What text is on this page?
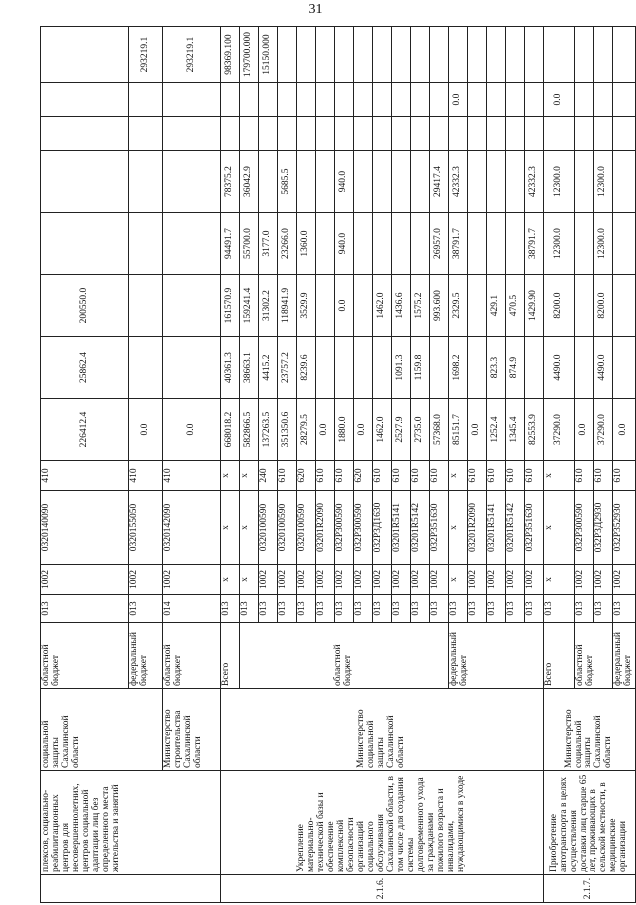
31
	плексов, социально-реабилитационных центров для несовершеннолетних, центров социальной адаптации лиц без определенного места жительства и занятий	социальной защиты Сахалинской области	областной бюджет	013	1002	0320140090	410	226412.4	25862.4	200550.0					
			федеральный бюджет	013	1002	0320155050	410	0.0							293219.1
		Министерство строительства Сахалинской области	областной бюджет	014	1002	0320142090	410	0.0							293219.1
2.1.6.	Укрепление материально-технической базы и обеспечение комплексной безопасности организаций социального обслуживания Сахалинской области, в том числе для создания системы долговременного ухода за гражданами пожилого возраста и инвалидами, нуждающимися в уходе	Министерство социальной защиты Сахалинской области	Всего	013	x	x	x	668018.2	40361.3	161570.9	94491.7	78375.2			98369.100
			областной бюджет	013	x	x	x	582866.5	38663.1	159241.4	55700.0	36042.9			179700.000
				013	1002	0320100590	240	137263.5	4415.2	31302.2	3177.0				15150.000
				013	1002	0320100590	610	351350.6	23757.2	118941.9	23266.0	5685.5			
				013	1002	0320100590	620	28279.5	8239.6	3529.9	1360.0				
				013	1002	03201R2090	610	0.0							
				013	1002	032P300590	610	1880.0		0.0	940.0	940.0			
				013	1002	032P300590	620	0.0							
				013	1002	032P3Д1630	610	1462.0		1462.0					
				013	1002	03201R5141	610	2527.9	1091.3	1436.6					
				013	1002	03201R5142	610	2735.0	1159.8	1575.2					
				013	1002	032P351630	610	57368.0		993.600	26957.0	29417.4			
			федеральный бюджет	013	x	x	x	85151.7	1698.2	2329.5	38791.7	42332.3		0.0	
				013	1002	03201R2090	610	0.0							
				013	1002	03201R5141	610	1252.4	823.3	429.1					
				013	1002	03201R5142	610	1345.4	874.9	470.5					
				013	1002	032P351630	610	82553.9		1429.90	38791.7	42332.3			
2.1.7.	Приобретение автотранспорта в целях осуществления доставки лиц старше 65 лет, проживающих в сельской местности, в медицинские организации	Министерство социальной защиты Сахалинской области	Всего	013	x	x	x	37290.0	4490.0	8200.0	12300.0	12300.0		0.0	
			областной бюджет	013	1002	032P300590	610	0.0							
				013	1002	032P3Д2930	610	37290.0	4490.0	8200.0	12300.0	12300.0			
			федеральный бюджет	013	1002	032P352930	610	0.0							
